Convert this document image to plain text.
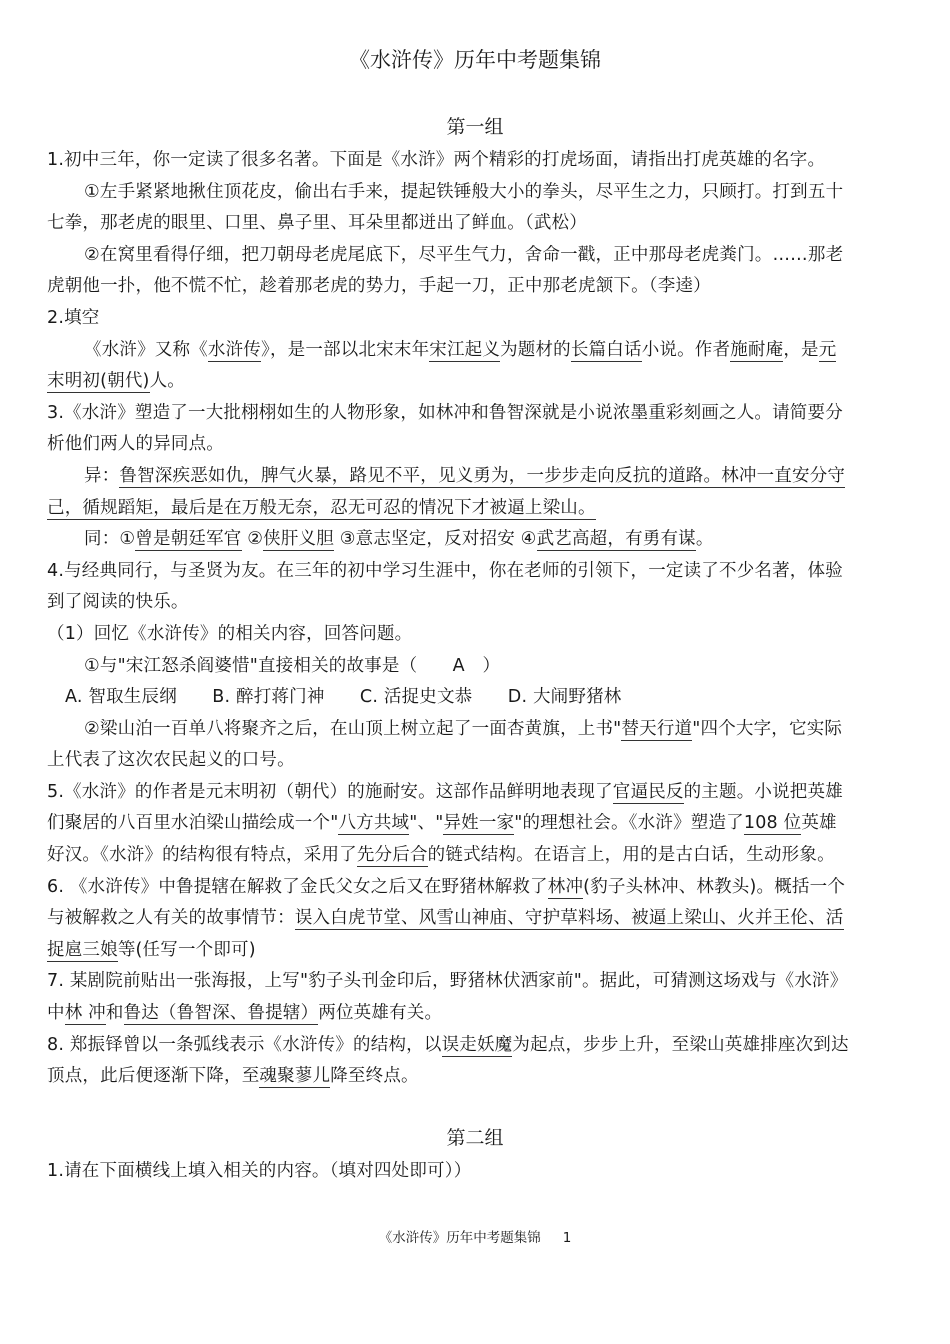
《水浒传》历年中考题集锦
第一组
1.初中三年，你一定读了很多名著。下面是《水浒》两个精彩的打虎场面，请指出打虎英雄的名字。
①左手紧紧地揪住顶花皮，偷出右手来，提起铁锤般大小的拳头，尽平生之力，只顾打。打到五十
七拳，那老虎的眼里、口里、鼻子里、耳朵里都迸出了鲜血。（武松）
②在窝里看得仔细，把刀朝母老虎尾底下，尽平生气力，舍命一戳，正中那母老虎粪门。……那老
虎朝他一扑，他不慌不忙，趁着那老虎的势力，手起一刀，正中那老虎颔下。（李逵）
2.填空
《水浒》又称《水浒传》，是一部以北宋末年宋江起义为题材的长篇白话小说。作者施耐庵，是元
末明初(朝代)人。
3.《水浒》塑造了一大批栩栩如生的人物形象，如林冲和鲁智深就是小说浓墨重彩刻画之人。请简要分
析他们两人的异同点。
异：鲁智深疾恶如仇，脾气火暴，路见不平，见义勇为，一步步走向反抗的道路。林冲一直安分守
己，循规蹈矩，最后是在万般无奈，忍无可忍的情况下才被逼上梁山。
同：①曾是朝廷军官 ②侠肝义胆 ③意志坚定，反对招安 ④武艺高超，有勇有谋。
4.与经典同行，与圣贤为友。在三年的初中学习生涯中，你在老师的引领下，一定读了不少名著，体验
到了阅读的快乐。
（1）回忆《水浒传》的相关内容，回答问题。
①与"宋江怒杀阎婆惜"直接相关的故事是（　　A　）
A. 智取生辰纲　　B. 醉打蒋门神　　C. 活捉史文恭　　D. 大闹野猪林
②梁山泊一百单八将聚齐之后，在山顶上树立起了一面杏黄旗，上书"替天行道"四个大字，它实际
上代表了这次农民起义的口号。
5.《水浒》的作者是元末明初（朝代）的施耐安。这部作品鲜明地表现了官逼民反的主题。小说把英雄
们聚居的八百里水泊梁山描绘成一个"八方共域"、"异姓一家"的理想社会。《水浒》塑造了108 位英雄
好汉。《水浒》的结构很有特点，采用了先分后合的链式结构。在语言上，用的是古白话，生动形象。
6. 《水浒传》中鲁提辖在解救了金氏父女之后又在野猪林解救了林冲(豹子头林冲、林教头)。概括一个
与被解救之人有关的故事情节：误入白虎节堂、风雪山神庙、守护草料场、被逼上梁山、火并王伦、活
捉扈三娘等(任写一个即可)
7. 某剧院前贴出一张海报，上写"豹子头刊金印后，野猪林伏洒家前"。据此，可猜测这场戏与《水浒》
中林 冲和鲁达（鲁智深、鲁提辖）两位英雄有关。
8. 郑振铎曾以一条弧线表示《水浒传》的结构，以误走妖魔为起点，步步上升，至梁山英雄排座次到达
顶点，此后便逐渐下降，至魂聚蓼儿降至终点。
第二组
1.请在下面横线上填入相关的内容。（填对四处即可））
《水浒传》历年中考题集锦 1
